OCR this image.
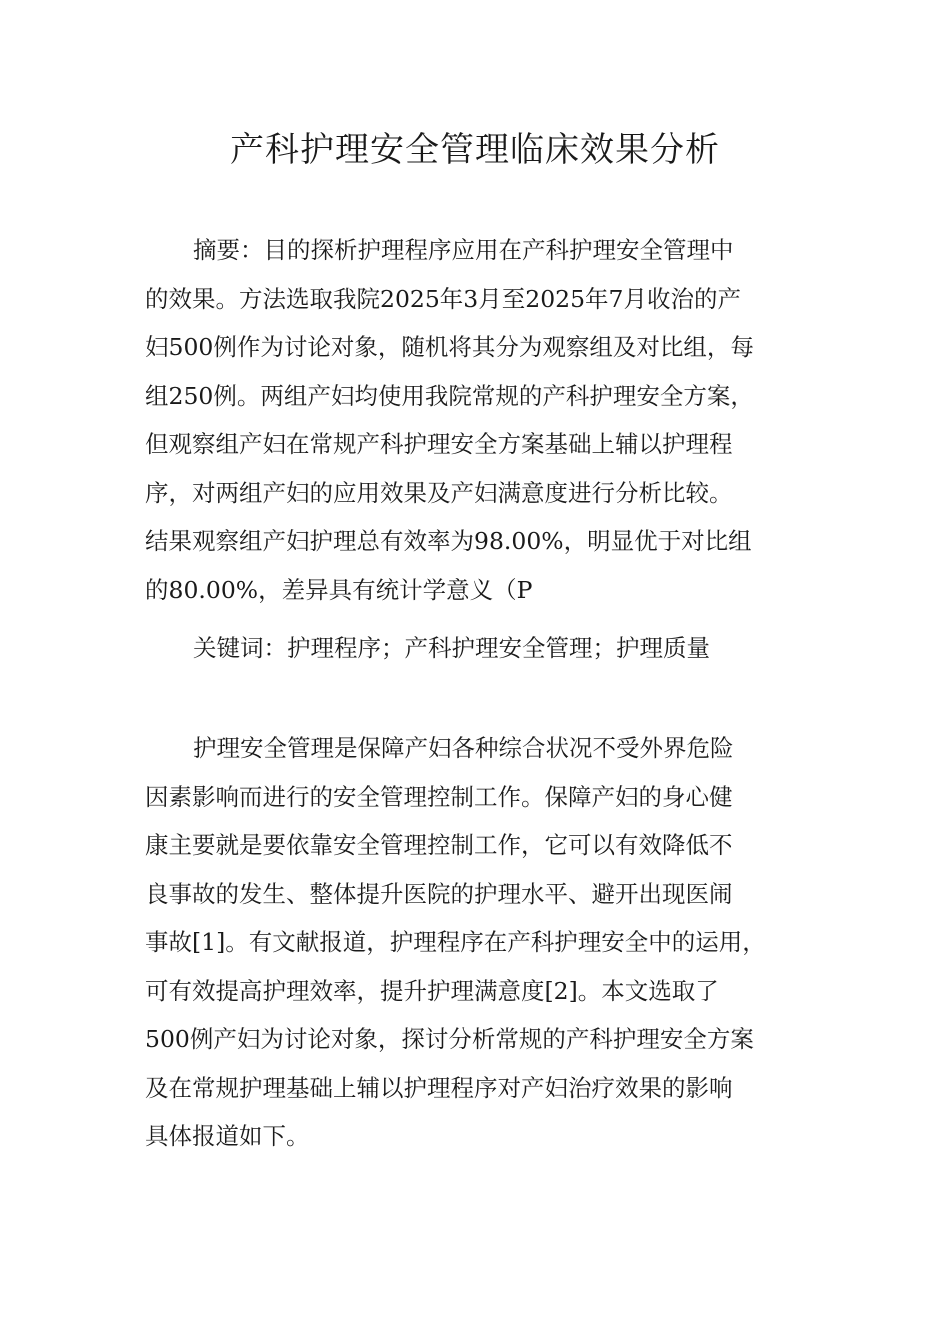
产科护理安全管理临床效果分析
摘要：目的探析护理程序应用在产科护理安全管理中
的效果。方法选取我院2025年3月至2025年7月收治的产
妇500例作为讨论对象，随机将其分为观察组及对比组，每
组250例。两组产妇均使用我院常规的产科护理安全方案，
但观察组产妇在常规产科护理安全方案基础上辅以护理程
序，对两组产妇的应用效果及产妇满意度进行分析比较。
结果观察组产妇护理总有效率为98.00%，明显优于对比组
的80.00%，差异具有统计学意义（P
关键词：护理程序；产科护理安全管理；护理质量
护理安全管理是保障产妇各种综合状况不受外界危险
因素影响而进行的安全管理控制工作。保障产妇的身心健
康主要就是要依靠安全管理控制工作，它可以有效降低不
良事故的发生、整体提升医院的护理水平、避开出现医闹
事故[1]。有文献报道，护理程序在产科护理安全中的运用，
可有效提高护理效率，提升护理满意度[2]。本文选取了
500例产妇为讨论对象，探讨分析常规的产科护理安全方案
及在常规护理基础上辅以护理程序对产妇治疗效果的影响
具体报道如下。
